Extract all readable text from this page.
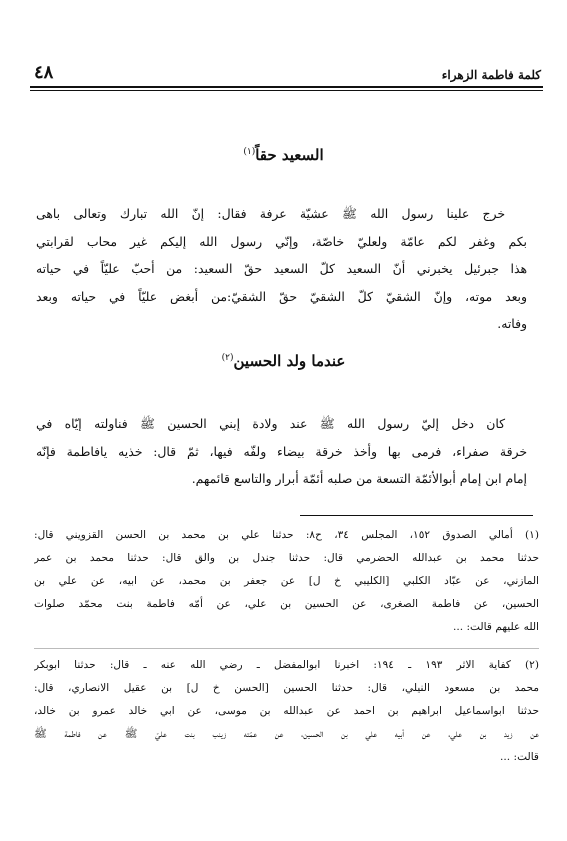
كلمة فاطمة الزهراء
٤٨
السعيد حقاً$^{(١)}$
خرج علينا رسول الله ﷺ عشيّة عرفة فقال: إنّ الله تبارك وتعالى باهى
بكم وغفر لكم عامّة ولعليّ خاصّة، وإنّي رسول الله إليكم غير محاب لقرابتي
هذا جبرئيل يخبرني أنّ السعيد كلّ السعيد حقّ السعيد: من أحبّ عليّاً في حياته
وبعد موته، وإنّ الشقيّ كلّ الشقيّ حقّ الشقيّ:من أبغض عليّاً في حياته وبعد
وفاته.
عندما ولد الحسين$^{(٢)}$
كان دخل إليّ رسول الله ﷺ عند ولادة إبني الحسين ﷺ فناولته إيّاه في
خرقة صفراء، فرمى بها وأخذ خرقة بيضاء ولفّه فيها، ثمّ قال: خذيه يافاطمة فإنّه
إمام ابن إمام أبوالأئمّة التسعة من صلبه أئمّة أبرار والتاسع قائمهم.
(١) أمالي الصدوق ١٥٢، المجلس ٣٤، ح٨: حدثنا علي بن محمد بن الحسن القزويني قال:
حدثنا محمد بن عبدالله الحضرمي قال: حدثنا جندل بن والق قال: حدثنا محمد بن عمر
المازني، عن عبّاد الكلبي [الكليبي خ ل] عن جعفر بن محمد، عن ابيه، عن علي بن
الحسين، عن فاطمة الصغرى، عن الحسين بن علي، عن أمّه فاطمة بنت محمّد صلوات
الله عليهم قالت: ...
(٢) كفاية الاثر ١٩٣ ـ ١٩٤: اخبرنا ابوالمفضل ـ رضي الله عنه ـ قال: حدثنا ابوبكر
محمد بن مسعود النيلي، قال: حدثنا الحسين [الحسن خ ل] بن عقيل الانصاري، قال:
حدثنا ابواسماعيل ابراهيم بن احمد عن عبدالله بن موسى، عن ابي خالد عمرو بن خالد،
عن زيد بن علي، عن أبيه علي بن الحسين، عن عمّته زينب بنت عليّ ﷺ عن فاطمة ﷺ
قالت: ...
